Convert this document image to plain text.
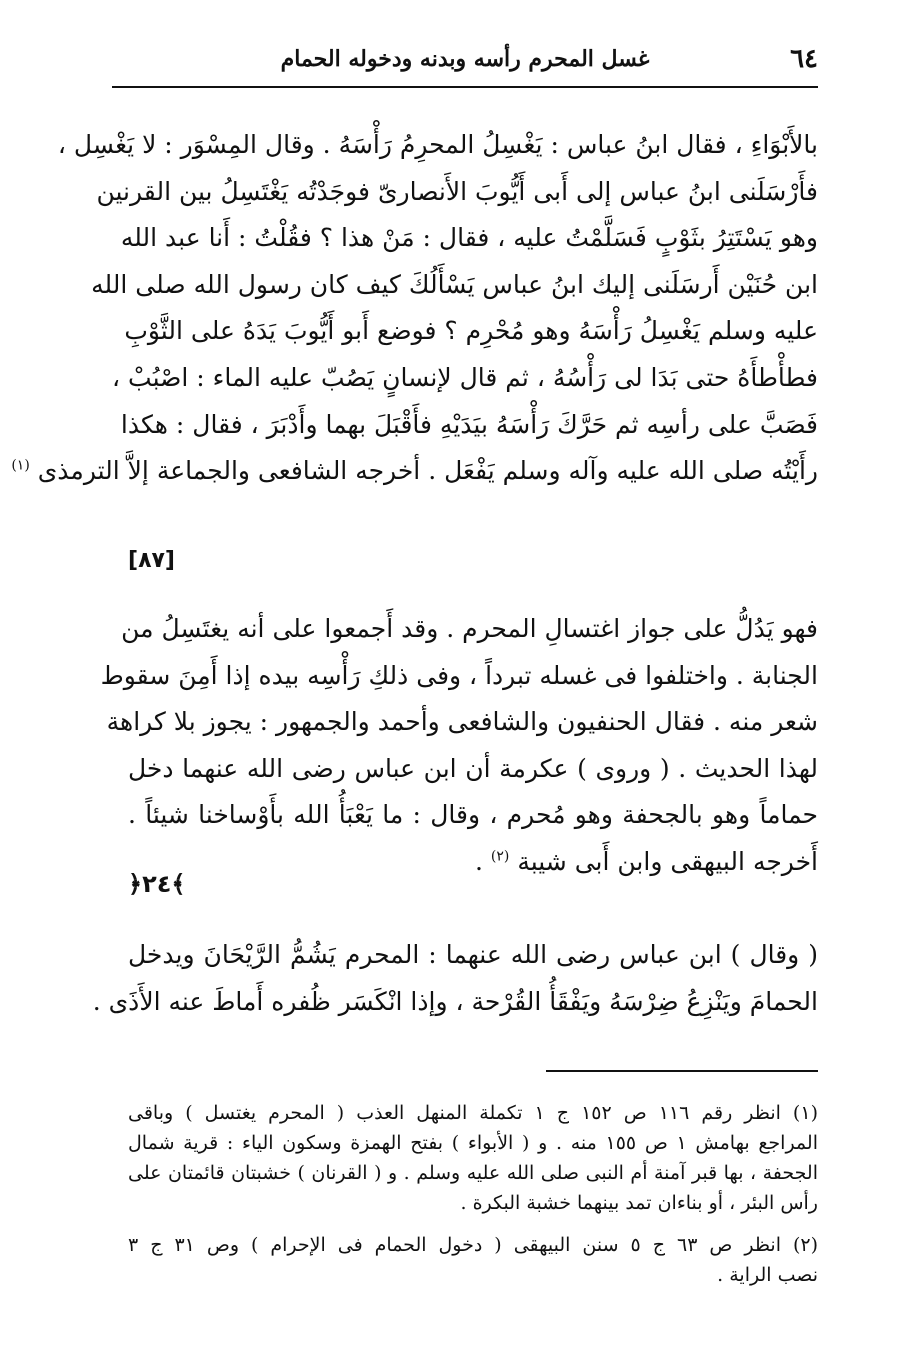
٦٤
غسل المحرم رأسه وبدنه ودخوله الحمام
بالأَبْوَاءِ ، فقال ابنُ عباس : يَغْسِلُ المحرِمُ رَأْسَهُ . وقال المِسْوَر : لا يَغْسِل ،
فأَرْسَلَنى ابنُ عباس إلى أَبى أَيُّوبَ الأَنصارىّ فوجَدْتُه يَغْتَسِلُ بين القرنين
وهو يَسْتَتِرُ بثَوْبٍ فَسَلَّمْتُ عليه ، فقال : مَنْ هذا ؟ فقُلْتُ : أَنا عبد الله
ابن حُنَيْن أَرسَلَنى إليك ابنُ عباس يَسْأَلُكَ كيف كان رسول الله صلى الله
عليه وسلم يَغْسِلُ رَأْسَهُ وهو مُحْرِم ؟ فوضع أَبو أَيُّوبَ يَدَهُ على الثَّوْبِ
فطأْطأَهُ حتى بَدَا لى رَأْسُهُ ، ثم قال لإنسانٍ يَصُبّ عليه الماء : اصْبُبْ ،
فَصَبَّ على رأسِه ثم حَرَّكَ رَأْسَهُ بيَدَيْهِ فأَقْبَلَ بهما وأَدْبَرَ ، فقال : هكذا
رأَيْتُه صلى الله عليه وآله وسلم يَفْعَل . أخرجه الشافعى والجماعة إلاَّ الترمذى $^{(١)}$
[٨٧]
فهو يَدُلُّ على جواز اغتسالِ المحرم . وقد أَجمعوا على أنه يغتَسِلُ من
الجنابة . واختلفوا فى غسله تبرداً ، وفى ذلكِ رَأْسِه بيده إذا أَمِنَ سقوط
شعر منه . فقال الحنفيون والشافعى وأحمد والجمهور : يجوز بلا كراهة
لهذا الحديث . ( وروى ) عكرمة أن ابن عباس رضى الله عنهما دخل
حماماً وهو بالجحفة وهو مُحرم ، وقال : ما يَعْبَأُ الله بأَوْساخنا شيئاً .
أَخرجه البيهقى وابن أَبى شيبة $^{(٢)}$ .
﴿٢٤﴾
( وقال ) ابن عباس رضى الله عنهما : المحرم يَشُمُّ الرَّيْحَانَ ويدخل
الحمامَ ويَنْزِعُ ضِرْسَهُ ويَفْقَأُ القُرْحة ، وإذا انْكَسَر ظُفره أَماطَ عنه الأَذَى .
(١) انظر رقم ١١٦ ص ١٥٢ ج ١ تكملة المنهل العذب ( المحرم يغتسل ) وباقى
المراجع بهامش ١ ص ١٥٥ منه . و ( الأبواء ) بفتح الهمزة وسكون الياء : قرية شمال
الجحفة ، بها قبر آمنة أم النبى صلى الله عليه وسلم . و ( القرنان ) خشبتان قائمتان على
رأس البئر ، أو بناءان تمد بينهما خشبة البكرة .
(٢) انظر ص ٦٣ ج ٥ سنن البيهقى ( دخول الحمام فى الإحرام ) وص ٣١ ج ٣
نصب الراية .
